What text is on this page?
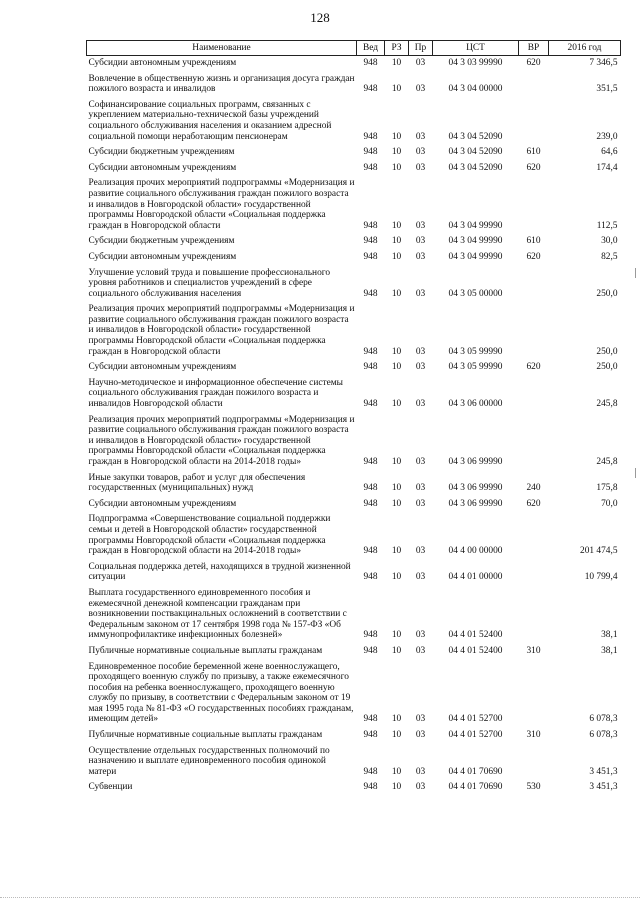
128
Наименование	Вед	РЗ	Пр	ЦСТ	ВР	2016 год
Субсидии автономным учреждениям	948	10	03	04 3 03 99990	620	7 346,5
Вовлечение в общественную жизнь и организация досуга граждан пожилого возраста и инвалидов	948	10	03	04 3 04 00000		351,5
Софинансирование социальных программ, связанных с укреплением материально-технической базы учреждений социального обслуживания населения и оказанием адресной социальной помощи неработающим пенсионерам	948	10	03	04 3 04 52090		239,0
Субсидии бюджетным учреждениям	948	10	03	04 3 04 52090	610	64,6
Субсидии автономным учреждениям	948	10	03	04 3 04 52090	620	174,4
Реализация прочих мероприятий подпрограммы «Модернизация и развитие социального обслуживания граждан пожилого возраста и инвалидов в Новгородской области» государственной программы Новгородской области «Социальная поддержка граждан в Новгородской области	948	10	03	04 3 04 99990		112,5
Субсидии бюджетным учреждениям	948	10	03	04 3 04 99990	610	30,0
Субсидии автономным учреждениям	948	10	03	04 3 04 99990	620	82,5
Улучшение условий труда и повышение профессионального уровня работников и специалистов учреждений в сфере социального обслуживания населения	948	10	03	04 3 05 00000		250,0
Реализация прочих мероприятий подпрограммы «Модернизация и развитие социального обслуживания граждан пожилого возраста и инвалидов в Новгородской области» государственной программы Новгородской области «Социальная поддержка граждан в Новгородской области	948	10	03	04 3 05 99990		250,0
Субсидии автономным учреждениям	948	10	03	04 3 05 99990	620	250,0
Научно-методическое и информационное обеспечение системы социального обслуживания граждан пожилого возраста и инвалидов Новгородской области	948	10	03	04 3 06 00000		245,8
Реализация прочих мероприятий подпрограммы «Модернизация и развитие социального обслуживания граждан пожилого возраста и инвалидов в Новгородской области» государственной программы Новгородской области «Социальная поддержка граждан в Новгородской области на 2014-2018 годы»	948	10	03	04 3 06 99990		245,8
Иные закупки товаров, работ и услуг для обеспечения государственных (муниципальных) нужд	948	10	03	04 3 06 99990	240	175,8
Субсидии автономным учреждениям	948	10	03	04 3 06 99990	620	70,0
Подпрограмма «Совершенствование социальной поддержки семьи и детей в Новгородской области» государственной программы Новгородской области «Социальная поддержка граждан в Новгородской области на 2014-2018 годы»	948	10	03	04 4 00 00000		201 474,5
Социальная поддержка детей, находящихся в трудной жизненной ситуации	948	10	03	04 4 01 00000		10 799,4
Выплата государственного единовременного пособия и ежемесячной денежной компенсации гражданам при возникновении поствакцинальных осложнений в соответствии с Федеральным законом от 17 сентября 1998 года № 157-ФЗ «Об иммунопрофилактике инфекционных болезней»	948	10	03	04 4 01 52400		38,1
Публичные нормативные социальные выплаты гражданам	948	10	03	04 4 01 52400	310	38,1
Единовременное пособие беременной жене военнослужащего, проходящего военную службу по призыву, а также ежемесячного пособия на ребенка военнослужащего, проходящего военную службу по призыву, в соответствии с Федеральным законом от 19 мая 1995 года № 81-ФЗ «О государственных пособиях гражданам, имеющим детей»	948	10	03	04 4 01 52700		6 078,3
Публичные нормативные социальные выплаты гражданам	948	10	03	04 4 01 52700	310	6 078,3
Осуществление отдельных государственных полномочий по назначению и выплате единовременного пособия одинокой матери	948	10	03	04 4 01 70690		3 451,3
Субвенции	948	10	03	04 4 01 70690	530	3 451,3
